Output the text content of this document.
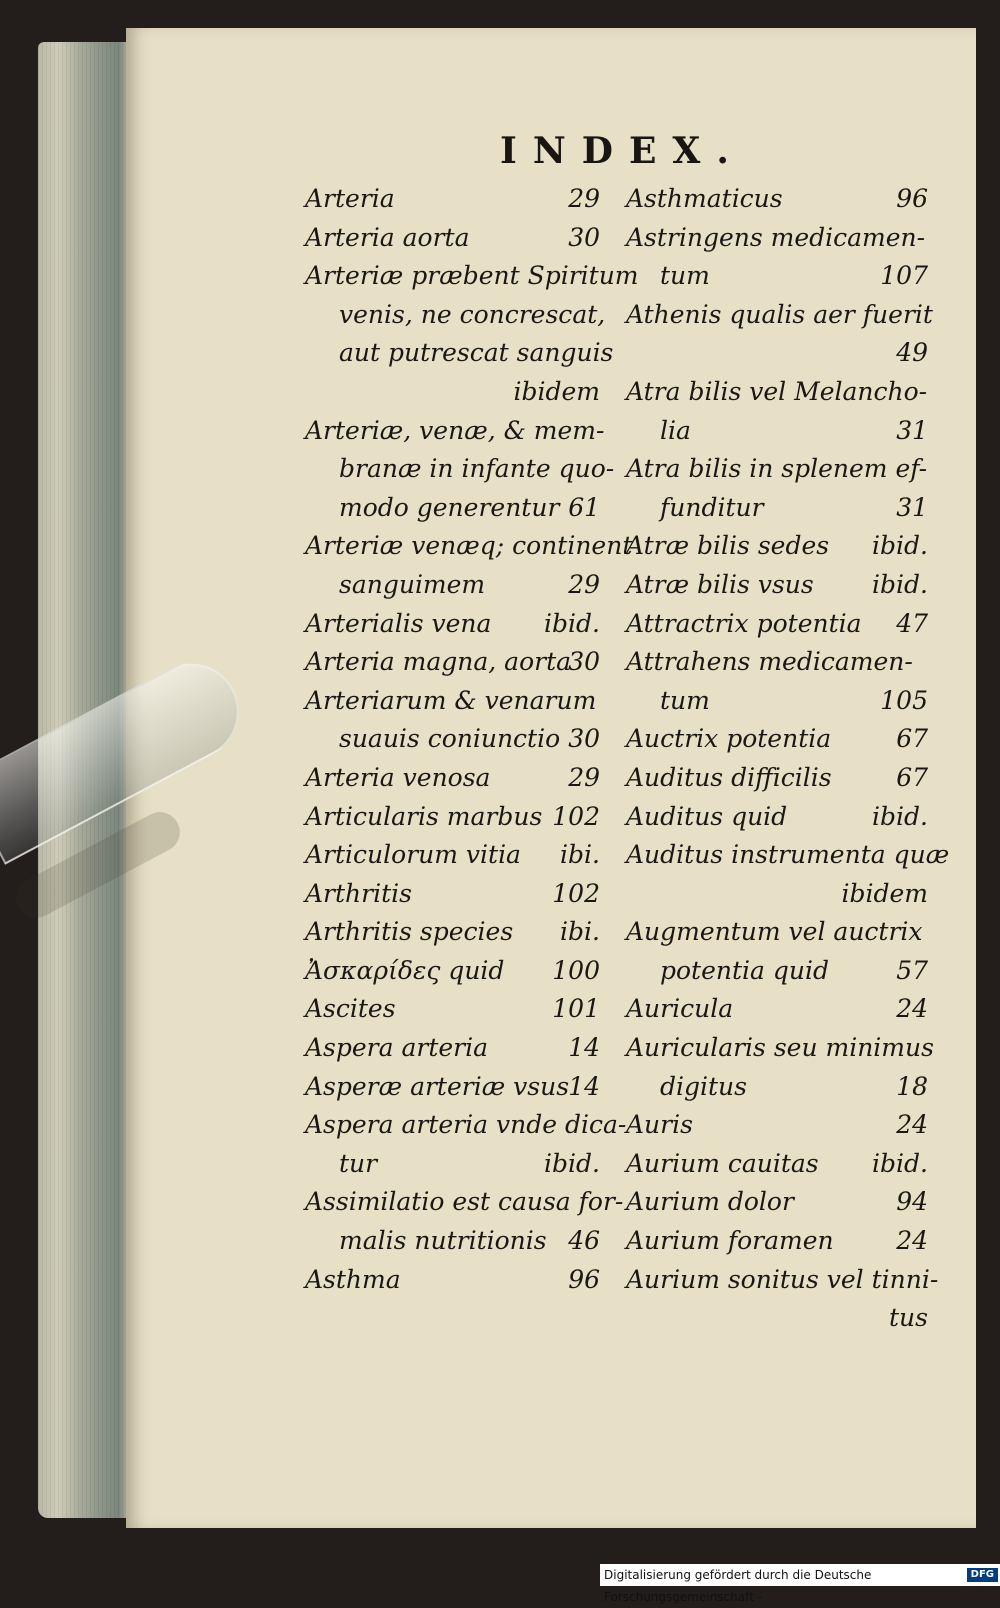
INDEX.
Arteria	29
Arteria aorta	30
Arteriæ præbent Spiritum
venis, ne concrescat,
aut putrescat sanguis
ibidem
Arteriæ, venæ, & mem-
branæ in infante quo-
modo generentur 61
Arteriæ venæq; continent
sanguimem	29
Arterialis vena ibid.
Arteria magna, aorta
30
Arteriarum & venarum
suauis coniunctio 30
Arteria venosa	29
Articularis marbus 102
Articulorum vitia ibi.
Arthritis	102
Arthritis species ibi.
Ἀσκαρίδες quid 100
Ascites	101
Aspera arteria	14
Asperæ arteriæ vsus 14
Aspera arteria vnde dica-
tur	ibid.
Assimilatio est causa for-
malis nutritionis 46
Asthma	96
Asthmaticus	96
Astringens medicamen-
tum	107
Athenis qualis aer fuerit
49
Atra bilis vel Melancho-
lia	31
Atra bilis in splenem ef-
funditur	31
Atræ bilis sedes ibid.
Atræ bilis vsus ibid.
Attractrix potentia 47
Attrahens medicamen-
tum	105
Auctrix potentia	67
Auditus difficilis	67
Auditus quid	ibid.
Auditus instrumenta quæ
ibidem
Augmentum vel auctrix
potentia quid	57
Auricula	24
Auricularis seu minimus
digitus	18
Auris	24
Aurium cauitas ibid.
Aurium dolor	94
Aurium foramen	24
Aurium sonitus vel tinni-
tus
Digitalisierung gefördert durch die Deutsche Forschungsgemeinschaft -
DFG
